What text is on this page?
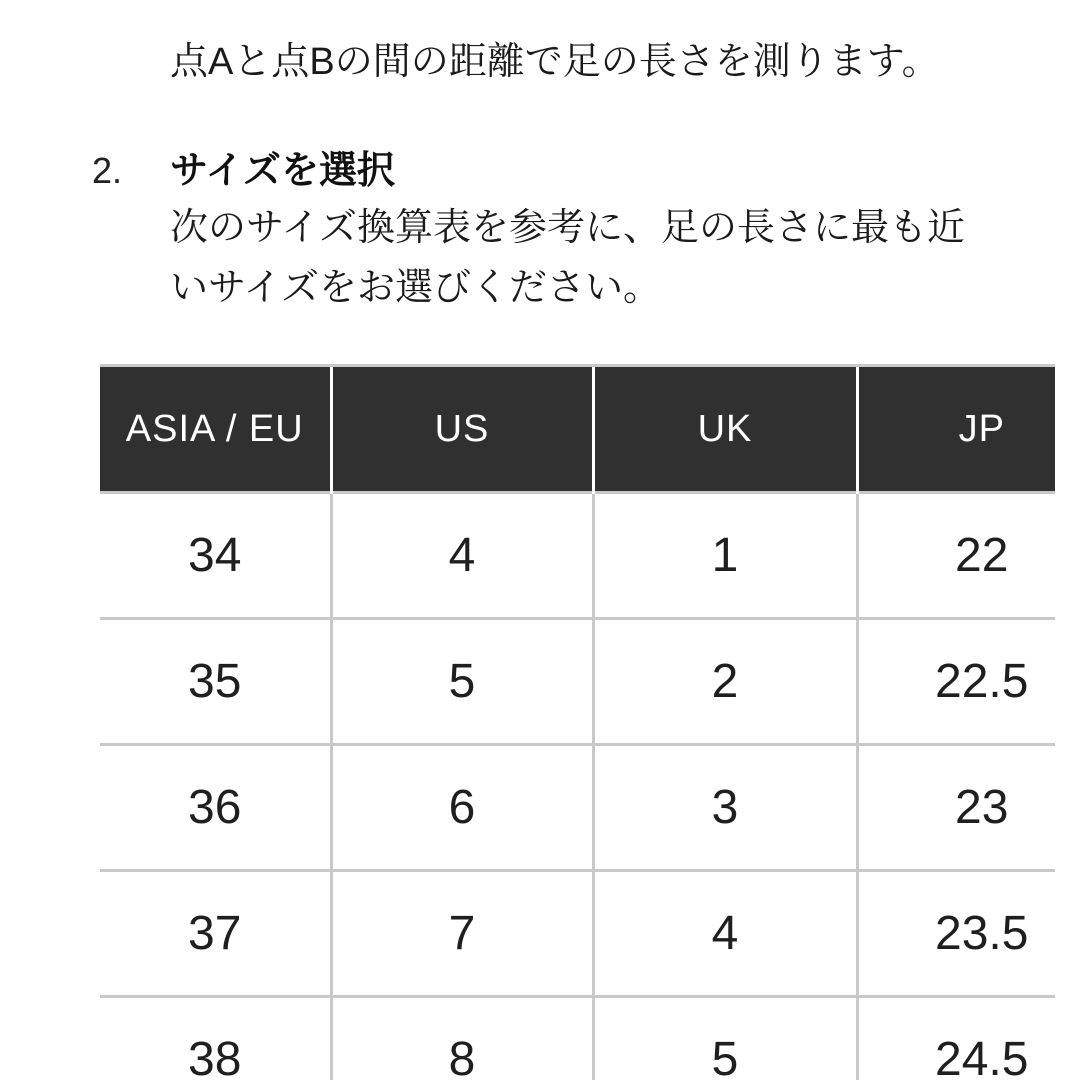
点Aと点Bの間の距離で足の長さを測ります。

2.	サイズを選択
次のサイズ換算表を参考に、足の長さに最も近
いサイズをお選びください。
ASIA / EU	US	UK	JP
34	4	1	22
35	5	2	22.5
36	6	3	23
37	7	4	23.5
38	8	5	24.5
